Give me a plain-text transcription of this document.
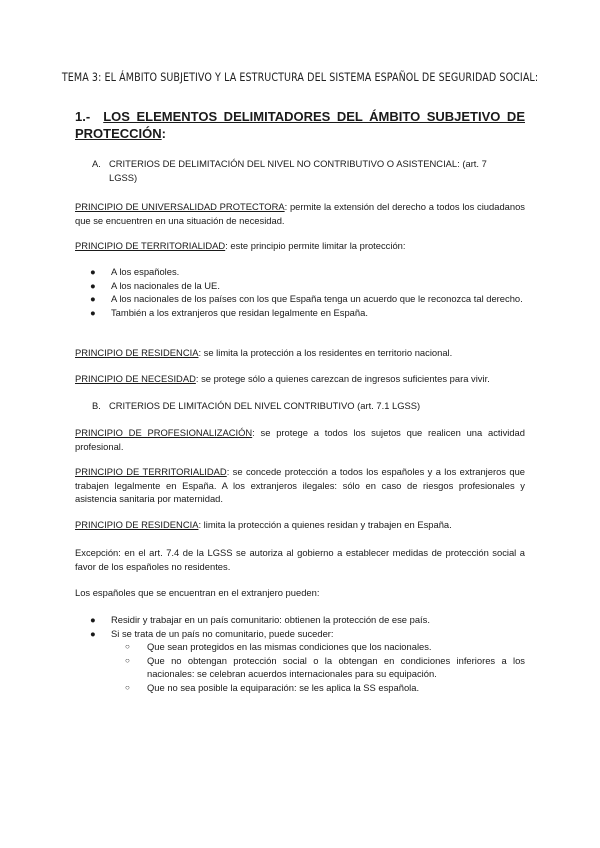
TEMA 3: EL ÁMBITO SUBJETIVO Y LA ESTRUCTURA DEL SISTEMA ESPAÑOL DE SEGURIDAD SOCIAL:
1.- LOS ELEMENTOS DELIMITADORES DEL ÁMBITO SUBJETIVO DE PROTECCIÓN:
A. CRITERIOS DE DELIMITACIÓN DEL NIVEL NO CONTRIBUTIVO O ASISTENCIAL: (art. 7 LGSS)
PRINCIPIO DE UNIVERSALIDAD PROTECTORA: permite la extensión del derecho a todos los ciudadanos que se encuentren en una situación de necesidad.
PRINCIPIO DE TERRITORIALIDAD: este principio permite limitar la protección:
● A los españoles.
● A los nacionales de la UE.
● A los nacionales de los países con los que España tenga un acuerdo que le reconozca tal derecho.
● También a los extranjeros que residan legalmente en España.
PRINCIPIO DE RESIDENCIA: se limita la protección a los residentes en territorio nacional.
PRINCIPIO DE NECESIDAD: se protege sólo a quienes carezcan de ingresos suficientes para vivir.
B. CRITERIOS DE LIMITACIÓN DEL NIVEL CONTRIBUTIVO (art. 7.1 LGSS)
PRINCIPIO DE PROFESIONALIZACIÓN: se protege a todos los sujetos que realicen una actividad profesional.
PRINCIPIO DE TERRITORIALIDAD: se concede protección a todos los españoles y a los extranjeros que trabajen legalmente en España. A los extranjeros ilegales: sólo en caso de riesgos profesionales y asistencia sanitaria por maternidad.
PRINCIPIO DE RESIDENCIA: limita la protección a quienes residan y trabajen en España.
Excepción: en el art. 7.4 de la LGSS se autoriza al gobierno a establecer medidas de protección social a favor de los españoles no residentes.
Los españoles que se encuentran en el extranjero pueden:
● Residir y trabajar en un país comunitario: obtienen la protección de ese país.
● Si se trata de un país no comunitario, puede suceder:
○ Que sean protegidos en las mismas condiciones que los nacionales.
○ Que no obtengan protección social o la obtengan en condiciones inferiores a los nacionales: se celebran acuerdos internacionales para su equipación.
○ Que no sea posible la equiparación: se les aplica la SS española.
